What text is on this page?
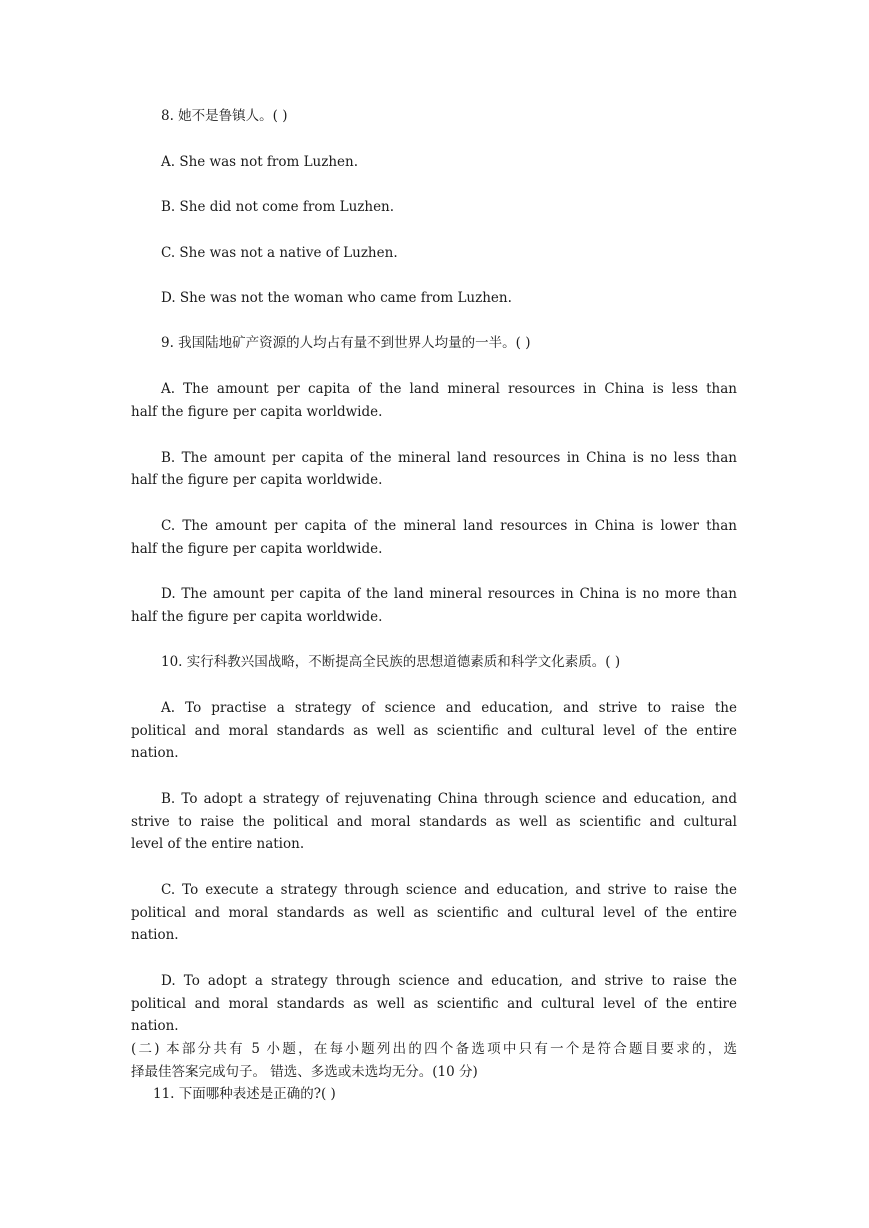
8. 她不是鲁镇人。( )
A. She was not from Luzhen.
B. She did not come from Luzhen.
C. She was not a native of Luzhen.
D. She was not the woman who came from Luzhen.
9. 我国陆地矿产资源的人均占有量不到世界人均量的一半。( )
A. The amount per capita of the land mineral resources in China is less than
half the figure per capita worldwide.
B. The amount per capita of the mineral land resources in China is no less than
half the figure per capita worldwide.
C. The amount per capita of the mineral land resources in China is lower than
half the figure per capita worldwide.
D. The amount per capita of the land mineral resources in China is no more than
half the figure per capita worldwide.
10. 实行科教兴国战略，不断提高全民族的思想道德素质和科学文化素质。( )
A. To practise a strategy of science and education, and strive to raise the
political and moral standards as well as scientific and cultural level of the entire
nation.
B. To adopt a strategy of rejuvenating China through science and education, and
strive to raise the political and moral standards as well as scientific and cultural
level of the entire nation.
C. To execute a strategy through science and education, and strive to raise the
political and moral standards as well as scientific and cultural level of the entire
nation.
D. To adopt a strategy through science and education, and strive to raise the
political and moral standards as well as scientific and cultural level of the entire
nation.
(二) 本部分共有 5 小题，在每小题列出的四个备选项中只有一个是符合题目要求的，选
择最佳答案完成句子。 错选、多选或未选均无分。(10 分)
11. 下面哪种表述是正确的?( )
